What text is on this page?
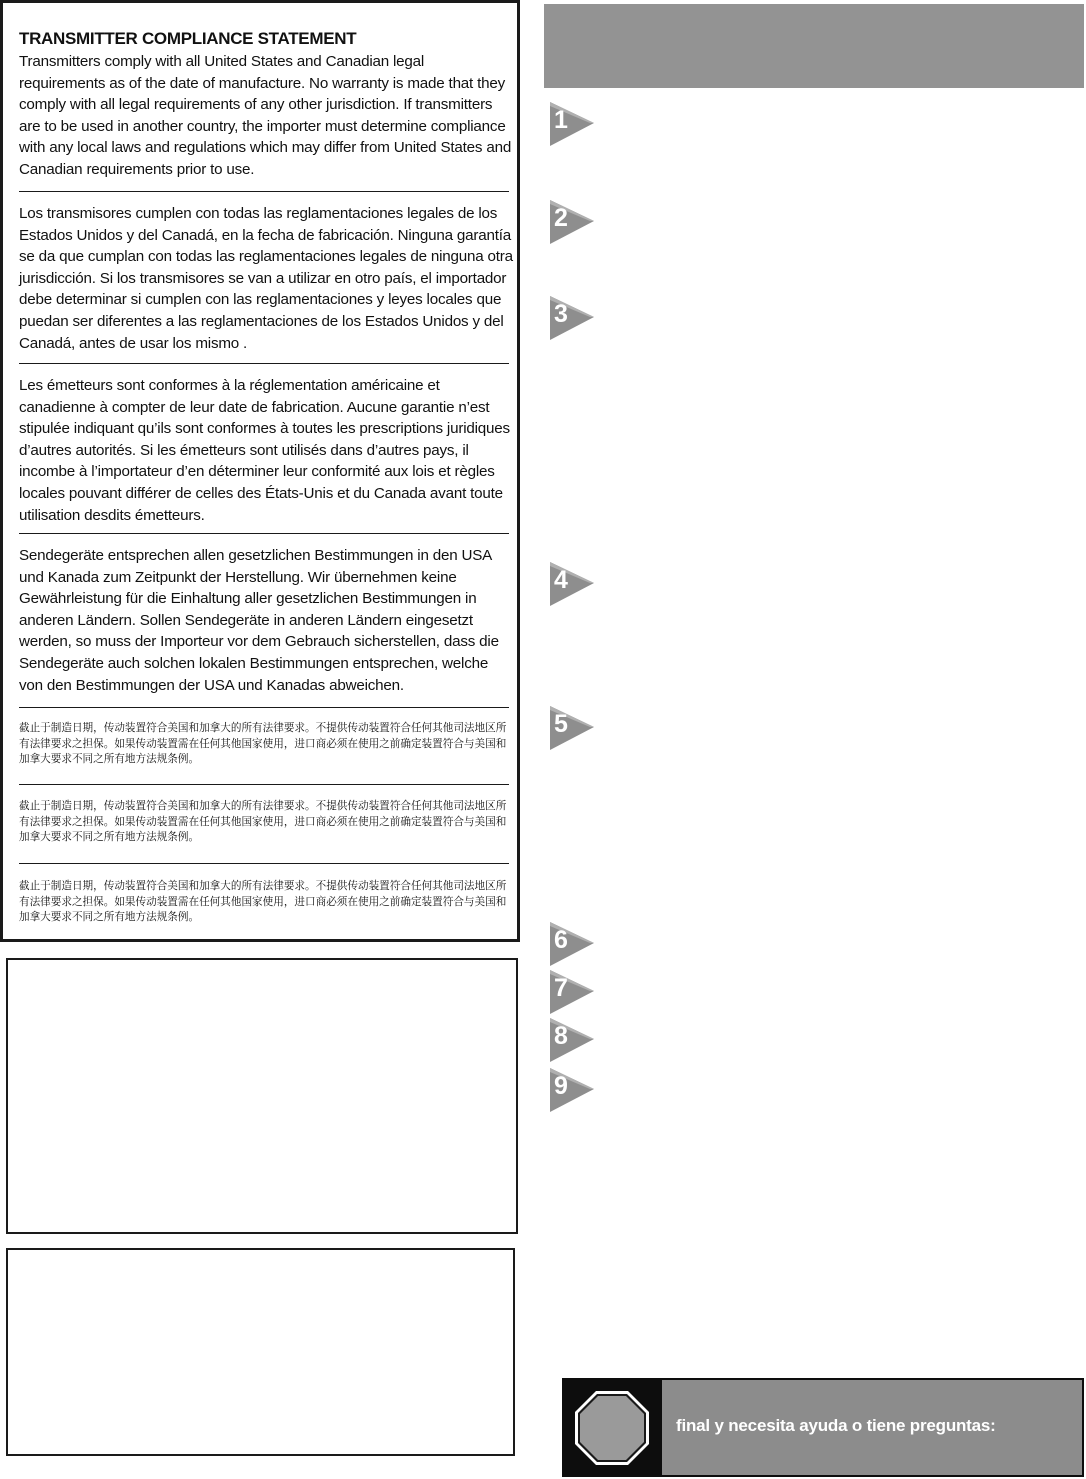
TRANSMITTER COMPLIANCE STATEMENT

Transmitters comply with all United States and Canadian legal requirements as of the date of manufacture. No warranty is made that they comply with all legal requirements of any other jurisdiction. If transmitters are to be used in another country, the importer must determine compliance with any local laws and regulations which may differ from United States and Canadian requirements prior to use.

Los transmisores cumplen con todas las reglamentaciones legales de los Estados Unidos y del Canadá, en la fecha de fabricación. Ninguna garantía se da que cumplan con todas las reglamentaciones legales de ninguna otra jurisdicción. Si los transmisores se van a utilizar en otro país, el importador debe determinar si cumplen con las reglamentaciones y leyes locales que puedan ser diferentes a las reglamentaciones de los Estados Unidos y del Canadá, antes de usar los mismo .

Les émetteurs sont conformes à la réglementation américaine et canadienne à compter de leur date de fabrication. Aucune garantie n’est stipulée indiquant qu’ils sont conformes à toutes les prescriptions juridiques d’autres autorités. Si les émetteurs sont utilisés dans d’autres pays, il incombe à l’importateur d’en déterminer leur conformité aux lois et règles locales pouvant différer de celles des États-Unis et du Canada avant toute utilisation desdits émetteurs.

Sendegeräte entsprechen allen gesetzlichen Bestimmungen in den USA und Kanada zum Zeitpunkt der Herstellung. Wir übernehmen keine Gewährleistung für die Einhaltung aller gesetzlichen Bestimmungen in anderen Ländern. Sollen Sendegeräte in anderen Ländern eingesetzt werden, so muss der Importeur vor dem Gebrauch sicherstellen, dass die Sendegeräte auch solchen lokalen Bestimmungen entsprechen, welche von den Bestimmungen der USA und Kanadas abweichen.

截止于制造日期，传动装置符合美国和加拿大的所有法律要求。不提供传动装置符合任何其他司法地区所有法律要求之担保。如果传动装置需在任何其他国家使用，进口商必须在使用之前确定装置符合与美国和加拿大要求不同之所有地方法规条例。

截止于制造日期，传动装置符合美国和加拿大的所有法律要求。不提供传动装置符合任何其他司法地区所有法律要求之担保。如果传动装置需在任何其他国家使用，进口商必须在使用之前确定装置符合与美国和加拿大要求不同之所有地方法规条例。

截止于制造日期，传动装置符合美国和加拿大的所有法律要求。不提供传动装置符合任何其他司法地区所有法律要求之担保。如果传动装置需在任何其他国家使用，进口商必须在使用之前确定装置符合与美国和加拿大要求不同之所有地方法规条例。

1
2
3
4
5
6
7
8
9
final y necesita ayuda o tiene preguntas:
